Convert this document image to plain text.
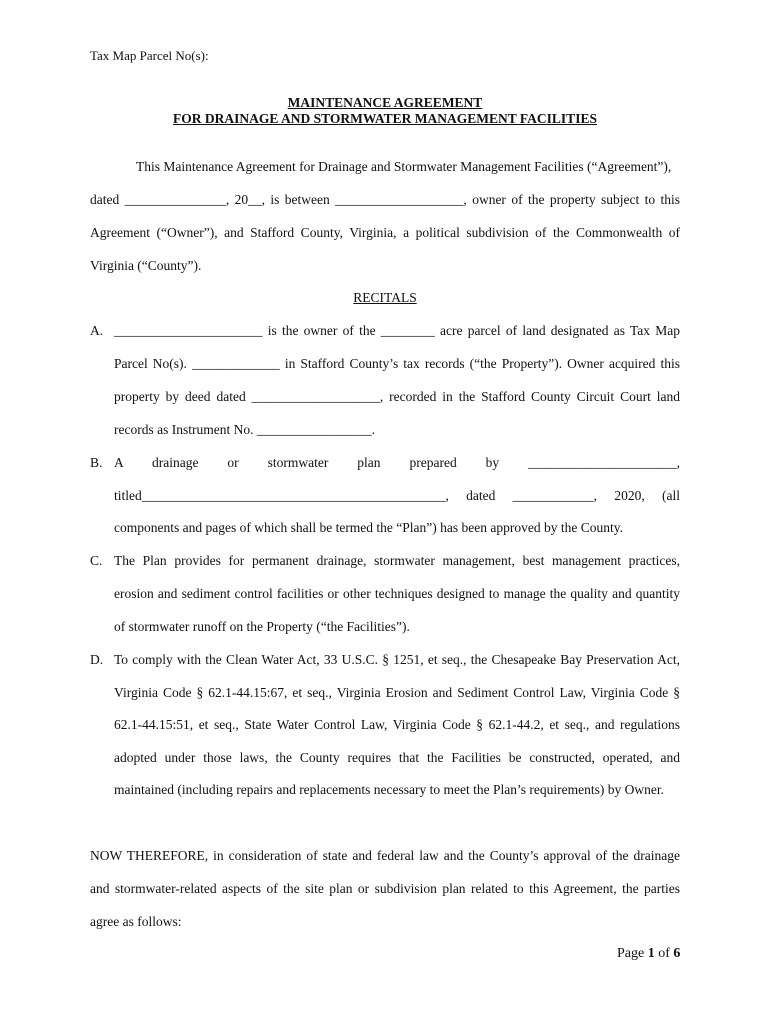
Tax Map Parcel No(s):
MAINTENANCE AGREEMENT
FOR DRAINAGE AND STORMWATER MANAGEMENT FACILITIES
This Maintenance Agreement for Drainage and Stormwater Management Facilities (“Agreement”),
dated _______________, 20__, is between ___________________, owner of the property subject to this
Agreement (“Owner”), and Stafford County, Virginia, a political subdivision of the Commonwealth of
Virginia (“County”).
RECITALS
A. ______________________ is the owner of the ________ acre parcel of land designated as Tax Map
Parcel No(s). _____________ in Stafford County’s tax records (“the Property”). Owner acquired this
property by deed dated ___________________, recorded in the Stafford County Circuit Court land
records as Instrument No. _________________.
B. A drainage or stormwater plan prepared by ______________________,
titled_____________________________________________, dated ____________, 2020, (all
components and pages of which shall be termed the “Plan”) has been approved by the County.
C. The Plan provides for permanent drainage, stormwater management, best management practices,
erosion and sediment control facilities or other techniques designed to manage the quality and quantity
of stormwater runoff on the Property (“the Facilities”).
D. To comply with the Clean Water Act, 33 U.S.C. § 1251, et seq., the Chesapeake Bay Preservation Act,
Virginia Code § 62.1-44.15:67, et seq., Virginia Erosion and Sediment Control Law, Virginia Code §
62.1-44.15:51, et seq., State Water Control Law, Virginia Code § 62.1-44.2, et seq., and regulations
adopted under those laws, the County requires that the Facilities be constructed, operated, and
maintained (including repairs and replacements necessary to meet the Plan’s requirements) by Owner.
NOW THEREFORE, in consideration of state and federal law and the County’s approval of the drainage
and stormwater-related aspects of the site plan or subdivision plan related to this Agreement, the parties
agree as follows:
Page 1 of 6
